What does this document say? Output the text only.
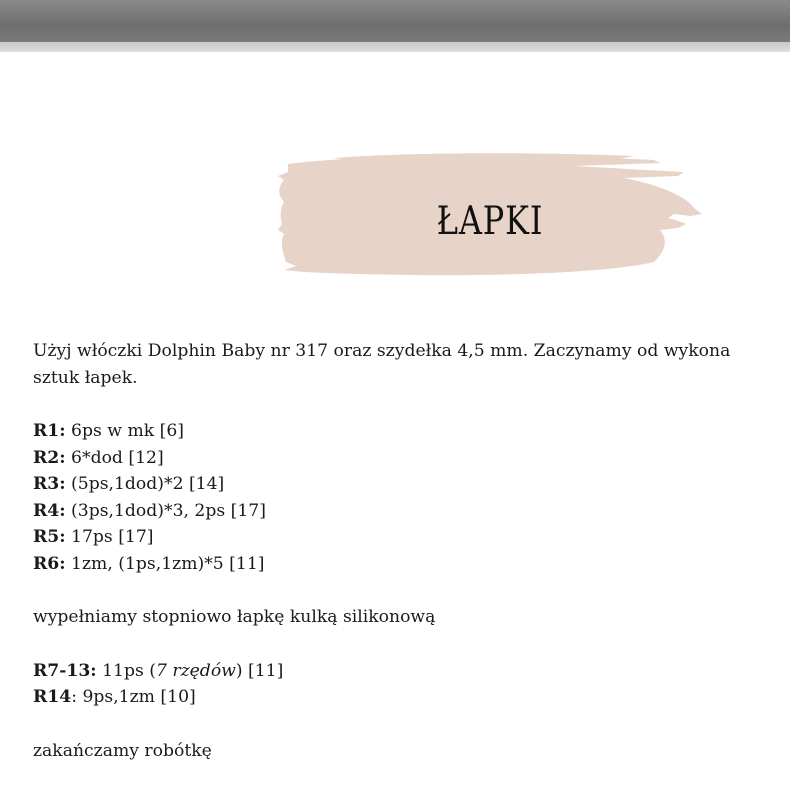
ŁAPKI

Użyj włóczki Dolphin Baby nr 317 oraz szydełka 4,5 mm. Zaczynamy od wykona

sztuk łapek.

R1: 6ps w mk [6]

R2: 6*dod [12]

R3: (5ps,1dod)*2 [14]

R4: (3ps,1dod)*3, 2ps [17]

R5: 17ps [17]

R6: 1zm, (1ps,1zm)*5 [11]

wypełniamy stopniowo łapkę kulką silikonową

R7-13: 11ps (7 rzędów) [11]

R14: 9ps,1zm [10]

zakańczamy robótkę
